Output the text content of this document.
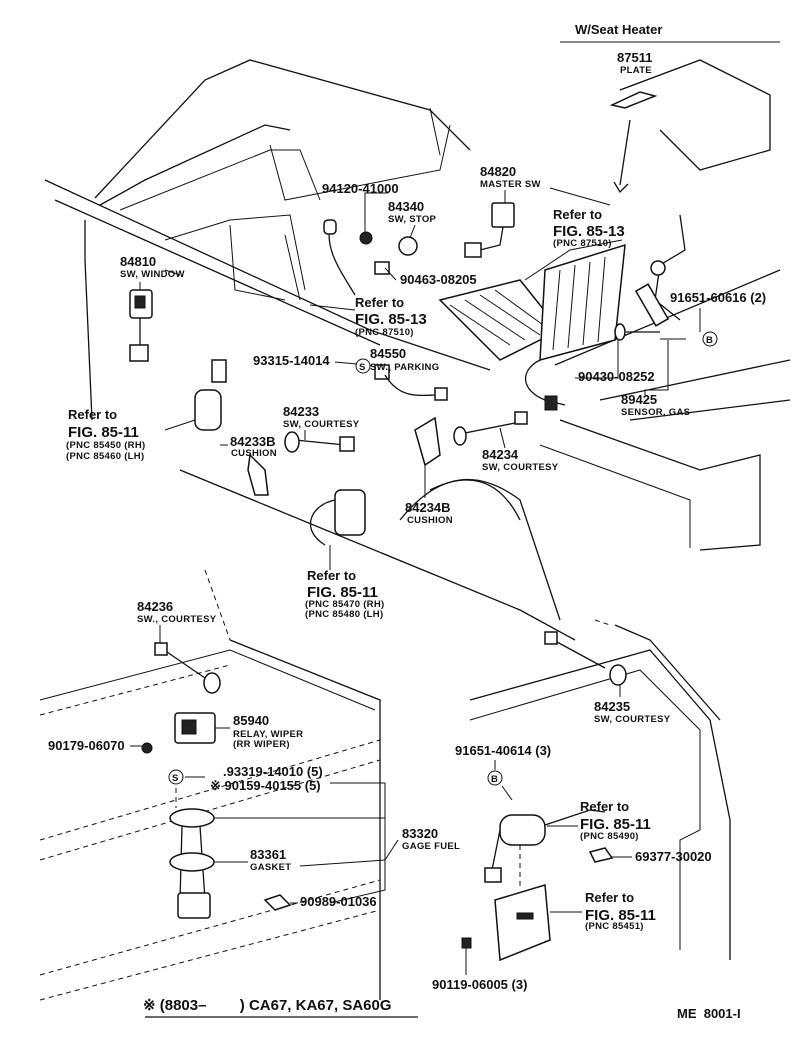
W/Seat Heater
87511
PLATE
94120-41000
84340
SW, STOP
84820
MASTER SW
84810
SW, WINDOW	90463-08205
91651-60616 (2)
93315-14014	84550
SW., PARKING
90430-08252
89425
SENSOR, GAS
84233
SW, COURTESY
84233B
CUSHION	84234
SW, COURTESY
84234B
CUSHION
84236
SW., COURTESY
84235
SW, COURTESY
85940
RELAY, WIPER
(RR WIPER)
90179-06070	91651-40614 (3)
.93319-14010 (5)
※ 90159-40155 (5)
83320
GAGE FUEL
83361
GASKET
69377-30020
90989-01036
90119-06005 (3)
Refer to
FIG. 85-13
(PNC 87510)
Refer to
FIG. 85-13
(PNC 87510)
Refer to
FIG. 85-11
(PNC 85450 (RH)
(PNC 85460 (LH)
Refer to
FIG. 85-11
(PNC 85470 (RH)
(PNC 85480 (LH)
Refer to
FIG. 85-11
(PNC 85490)
Refer to
FIG. 85-11
(PNC 85451)
B
B
S
S
※ (8803–        ) CA67, KA67, SA60G	ME  8001-I
